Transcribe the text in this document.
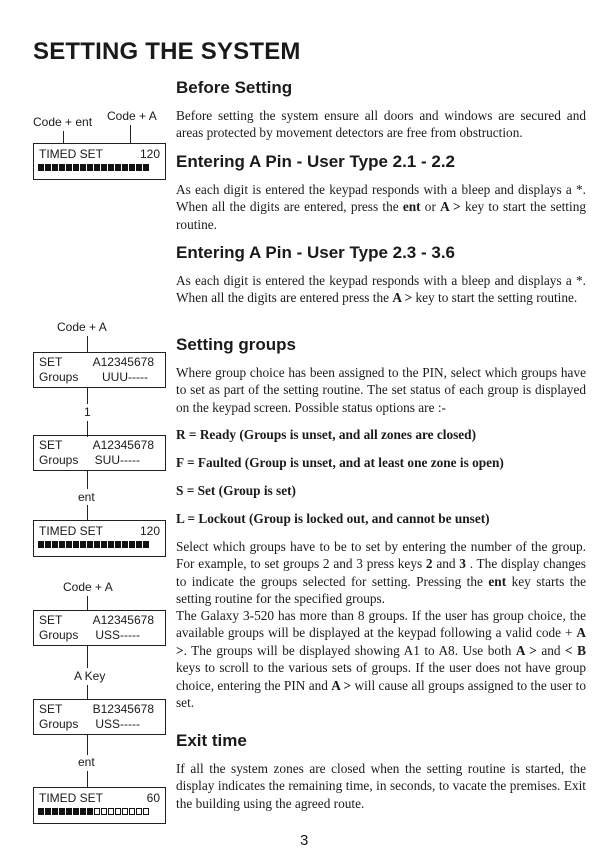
SETTING THE SYSTEM
Code + ent Code + A
TIMED SET	120
Code + A
SET	A12345678
Groups UUU-----
1
SET	A12345678
Groups SUU-----
ent
TIMED SET	120
Code + A
SET	A12345678
Groups USS-----
A Key
SET	B12345678
Groups USS-----
ent
TIMED SET	60
Before Setting
Before setting the system ensure all doors and windows are secured and areas protected by movement detectors are free from obstruction.
Entering A Pin - User Type 2.1 - 2.2
As each digit is entered the keypad responds with a bleep and displays a *. When all the digits are entered, press the ent or A > key to start the setting routine.
Entering A Pin - User Type 2.3 - 3.6
As each digit is entered the keypad responds with a bleep and displays a *. When all the digits are entered press the A > key to start the setting routine.
Setting groups
Where group choice has been assigned to the PIN, select which groups have to set as part of the setting routine. The set status of each group is displayed on the keypad screen. Possible status options are :-
R = Ready (Groups is unset, and all zones are closed)
F = Faulted (Group is unset, and at least one zone is open)
S = Set (Group is set)
L = Lockout (Group is locked out, and cannot be unset)
Select which groups have to be to set by entering the number of the group. For example, to set groups 2 and 3 press keys 2 and 3 . The display changes to indicate the groups selected for setting. Pressing the ent key starts the setting routine for the specified groups.
The Galaxy 3-520 has more than 8 groups. If the user has group choice, the available groups will be displayed at the keypad following a valid code + A >. The groups will be displayed showing A1 to A8. Use both A > and < B keys to scroll to the various sets of groups. If the user does not have group choice, entering the PIN and A > will cause all groups assigned to the user to set.
Exit time
If all the system zones are closed when the setting routine is started, the display indicates the remaining time, in seconds, to vacate the premises. Exit the building using the agreed route.
3
